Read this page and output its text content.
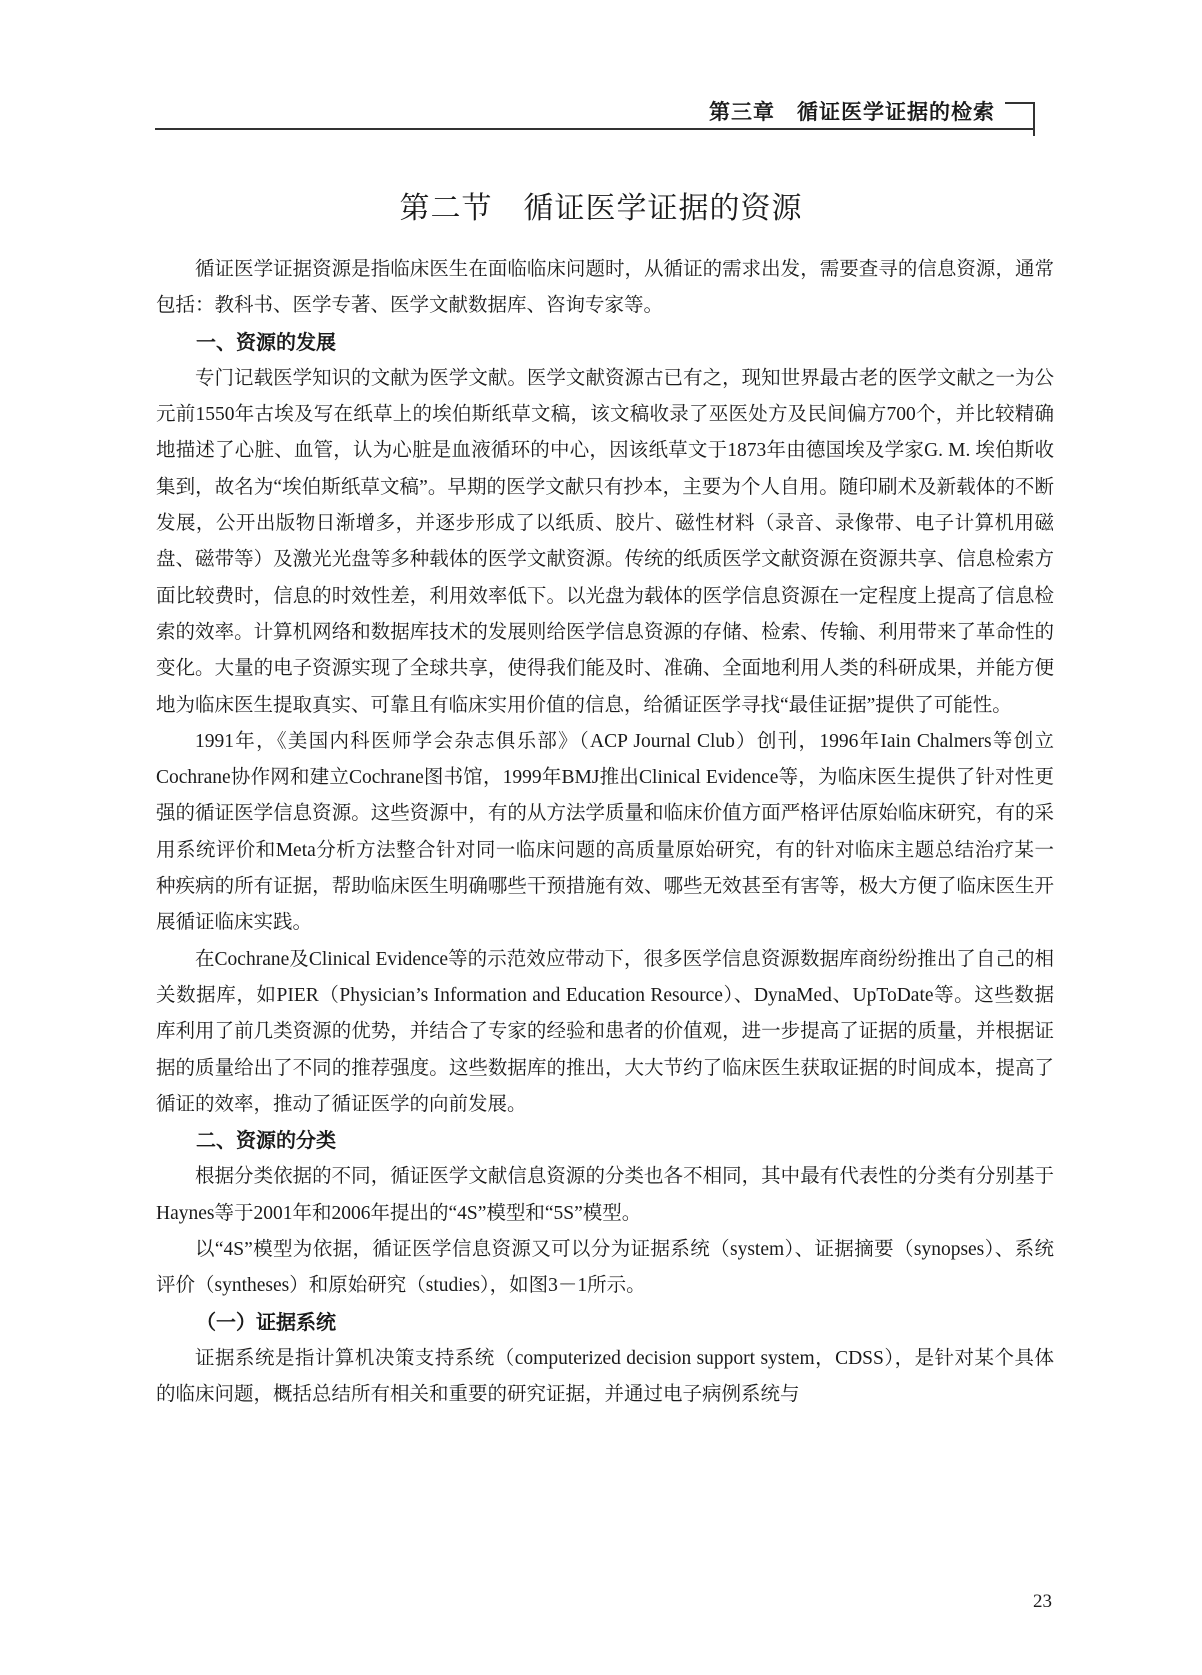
第三章　循证医学证据的检索
第二节　循证医学证据的资源

循证医学证据资源是指临床医生在面临临床问题时，从循证的需求出发，需要查寻的信息资源，通常包括：教科书、医学专著、医学文献数据库、咨询专家等。

一、资源的发展

专门记载医学知识的文献为医学文献。医学文献资源古已有之，现知世界最古老的医学文献之一为公元前1550年古埃及写在纸草上的埃伯斯纸草文稿，该文稿收录了巫医处方及民间偏方700个，并比较精确地描述了心脏、血管，认为心脏是血液循环的中心，因该纸草文于1873年由德国埃及学家G. M. 埃伯斯收集到，故名为“埃伯斯纸草文稿”。早期的医学文献只有抄本，主要为个人自用。随印刷术及新载体的不断发展，公开出版物日渐增多，并逐步形成了以纸质、胶片、磁性材料（录音、录像带、电子计算机用磁盘、磁带等）及激光光盘等多种载体的医学文献资源。传统的纸质医学文献资源在资源共享、信息检索方面比较费时，信息的时效性差，利用效率低下。以光盘为载体的医学信息资源在一定程度上提高了信息检索的效率。计算机网络和数据库技术的发展则给医学信息资源的存储、检索、传输、利用带来了革命性的变化。大量的电子资源实现了全球共享，使得我们能及时、准确、全面地利用人类的科研成果，并能方便地为临床医生提取真实、可靠且有临床实用价值的信息，给循证医学寻找“最佳证据”提供了可能性。

1991年，《美国内科医师学会杂志俱乐部》（ACP Journal Club）创刊，1996年Iain Chalmers等创立Cochrane协作网和建立Cochrane图书馆，1999年BMJ推出Clinical Evidence等，为临床医生提供了针对性更强的循证医学信息资源。这些资源中，有的从方法学质量和临床价值方面严格评估原始临床研究，有的采用系统评价和Meta分析方法整合针对同一临床问题的高质量原始研究，有的针对临床主题总结治疗某一种疾病的所有证据，帮助临床医生明确哪些干预措施有效、哪些无效甚至有害等，极大方便了临床医生开展循证临床实践。

在Cochrane及Clinical Evidence等的示范效应带动下，很多医学信息资源数据库商纷纷推出了自己的相关数据库，如PIER（Physician’s Information and Education Resource）、DynaMed、UpToDate等。这些数据库利用了前几类资源的优势，并结合了专家的经验和患者的价值观，进一步提高了证据的质量，并根据证据的质量给出了不同的推荐强度。这些数据库的推出，大大节约了临床医生获取证据的时间成本，提高了循证的效率，推动了循证医学的向前发展。

二、资源的分类

根据分类依据的不同，循证医学文献信息资源的分类也各不相同，其中最有代表性的分类有分别基于Haynes等于2001年和2006年提出的“4S”模型和“5S”模型。

以“4S”模型为依据，循证医学信息资源又可以分为证据系统（system）、证据摘要（synopses）、系统评价（syntheses）和原始研究（studies），如图3－1所示。

（一）证据系统

证据系统是指计算机决策支持系统（computerized decision support system，CDSS），是针对某个具体的临床问题，概括总结所有相关和重要的研究证据，并通过电子病例系统与

23
